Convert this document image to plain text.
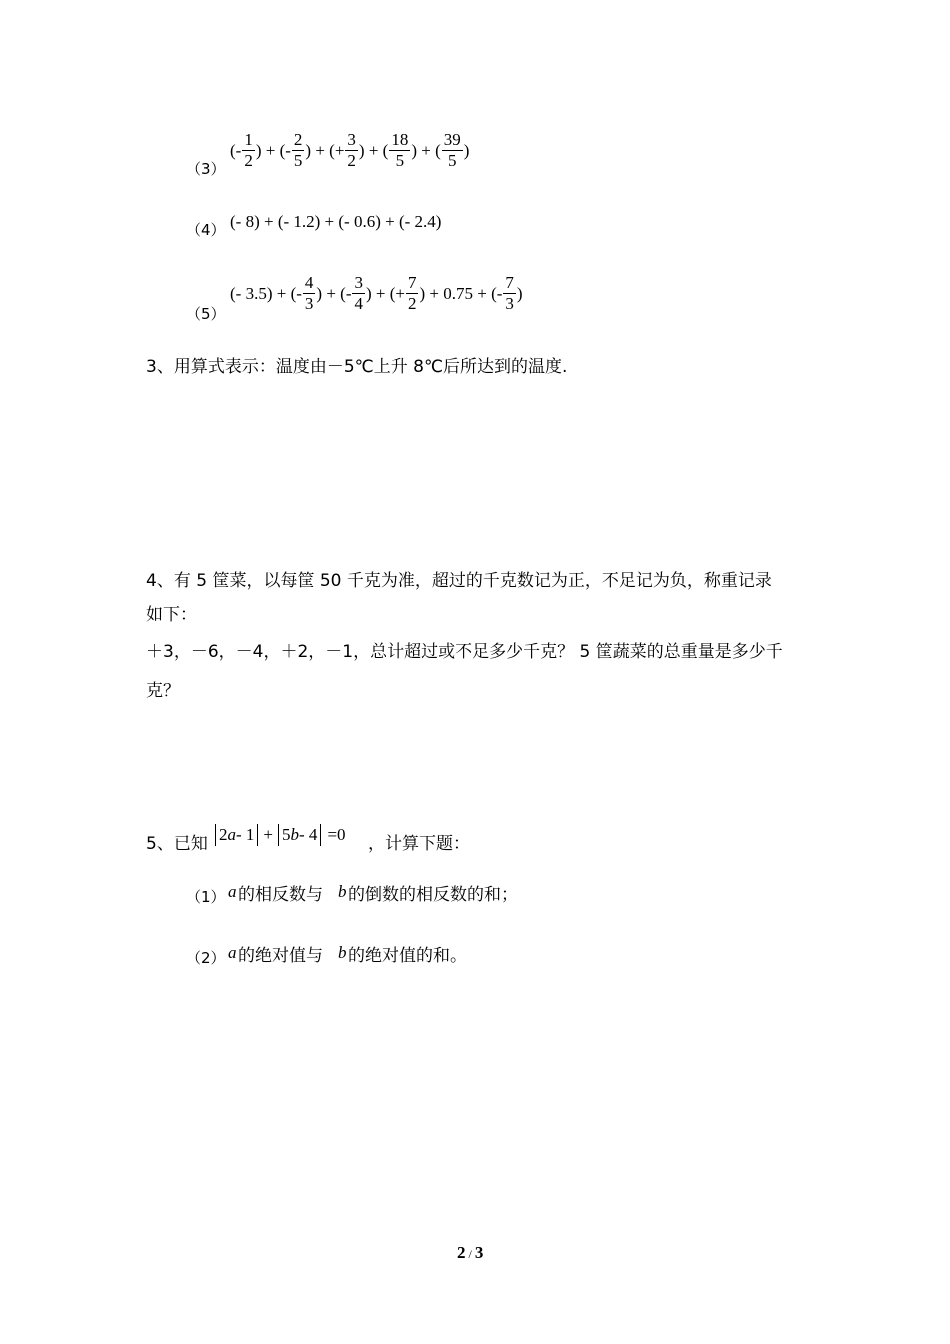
（3）
(- $\frac{1}{2}$ ) + (- $\frac{2}{5}$ ) + (+ $\frac{3}{2}$ ) + ( $\frac{18}{5}$ ) + ( $\frac{39}{5}$ )
（4） (- 8) + (- 1.2) + (- 0.6) + (- 2.4)
（5）
(- 3.5) + (- $\frac{4}{3}$ ) + (- $\frac{3}{4}$ ) + (+ $\frac{7}{2}$ ) + 0.75 + (- $\frac{7}{3}$ )
3、用算式表示：温度由－5℃上升 8℃后所达到的温度.
4、有 5 筐菜，以每筐 50 千克为准，超过的千克数记为正，不足记为负，称重记录
如下：
＋3，－6，－4，＋2，－1，总计超过或不足多少千克？ 5 筐蔬菜的总重量是多少千
克？
5、已知 2 a - 1 + 5 b - 4 =0 ，计算下题：
（1） a 的相反数与 b 的倒数的相反数的和；
（2） a 的绝对值与 b 的绝对值的和。
2 / 3
